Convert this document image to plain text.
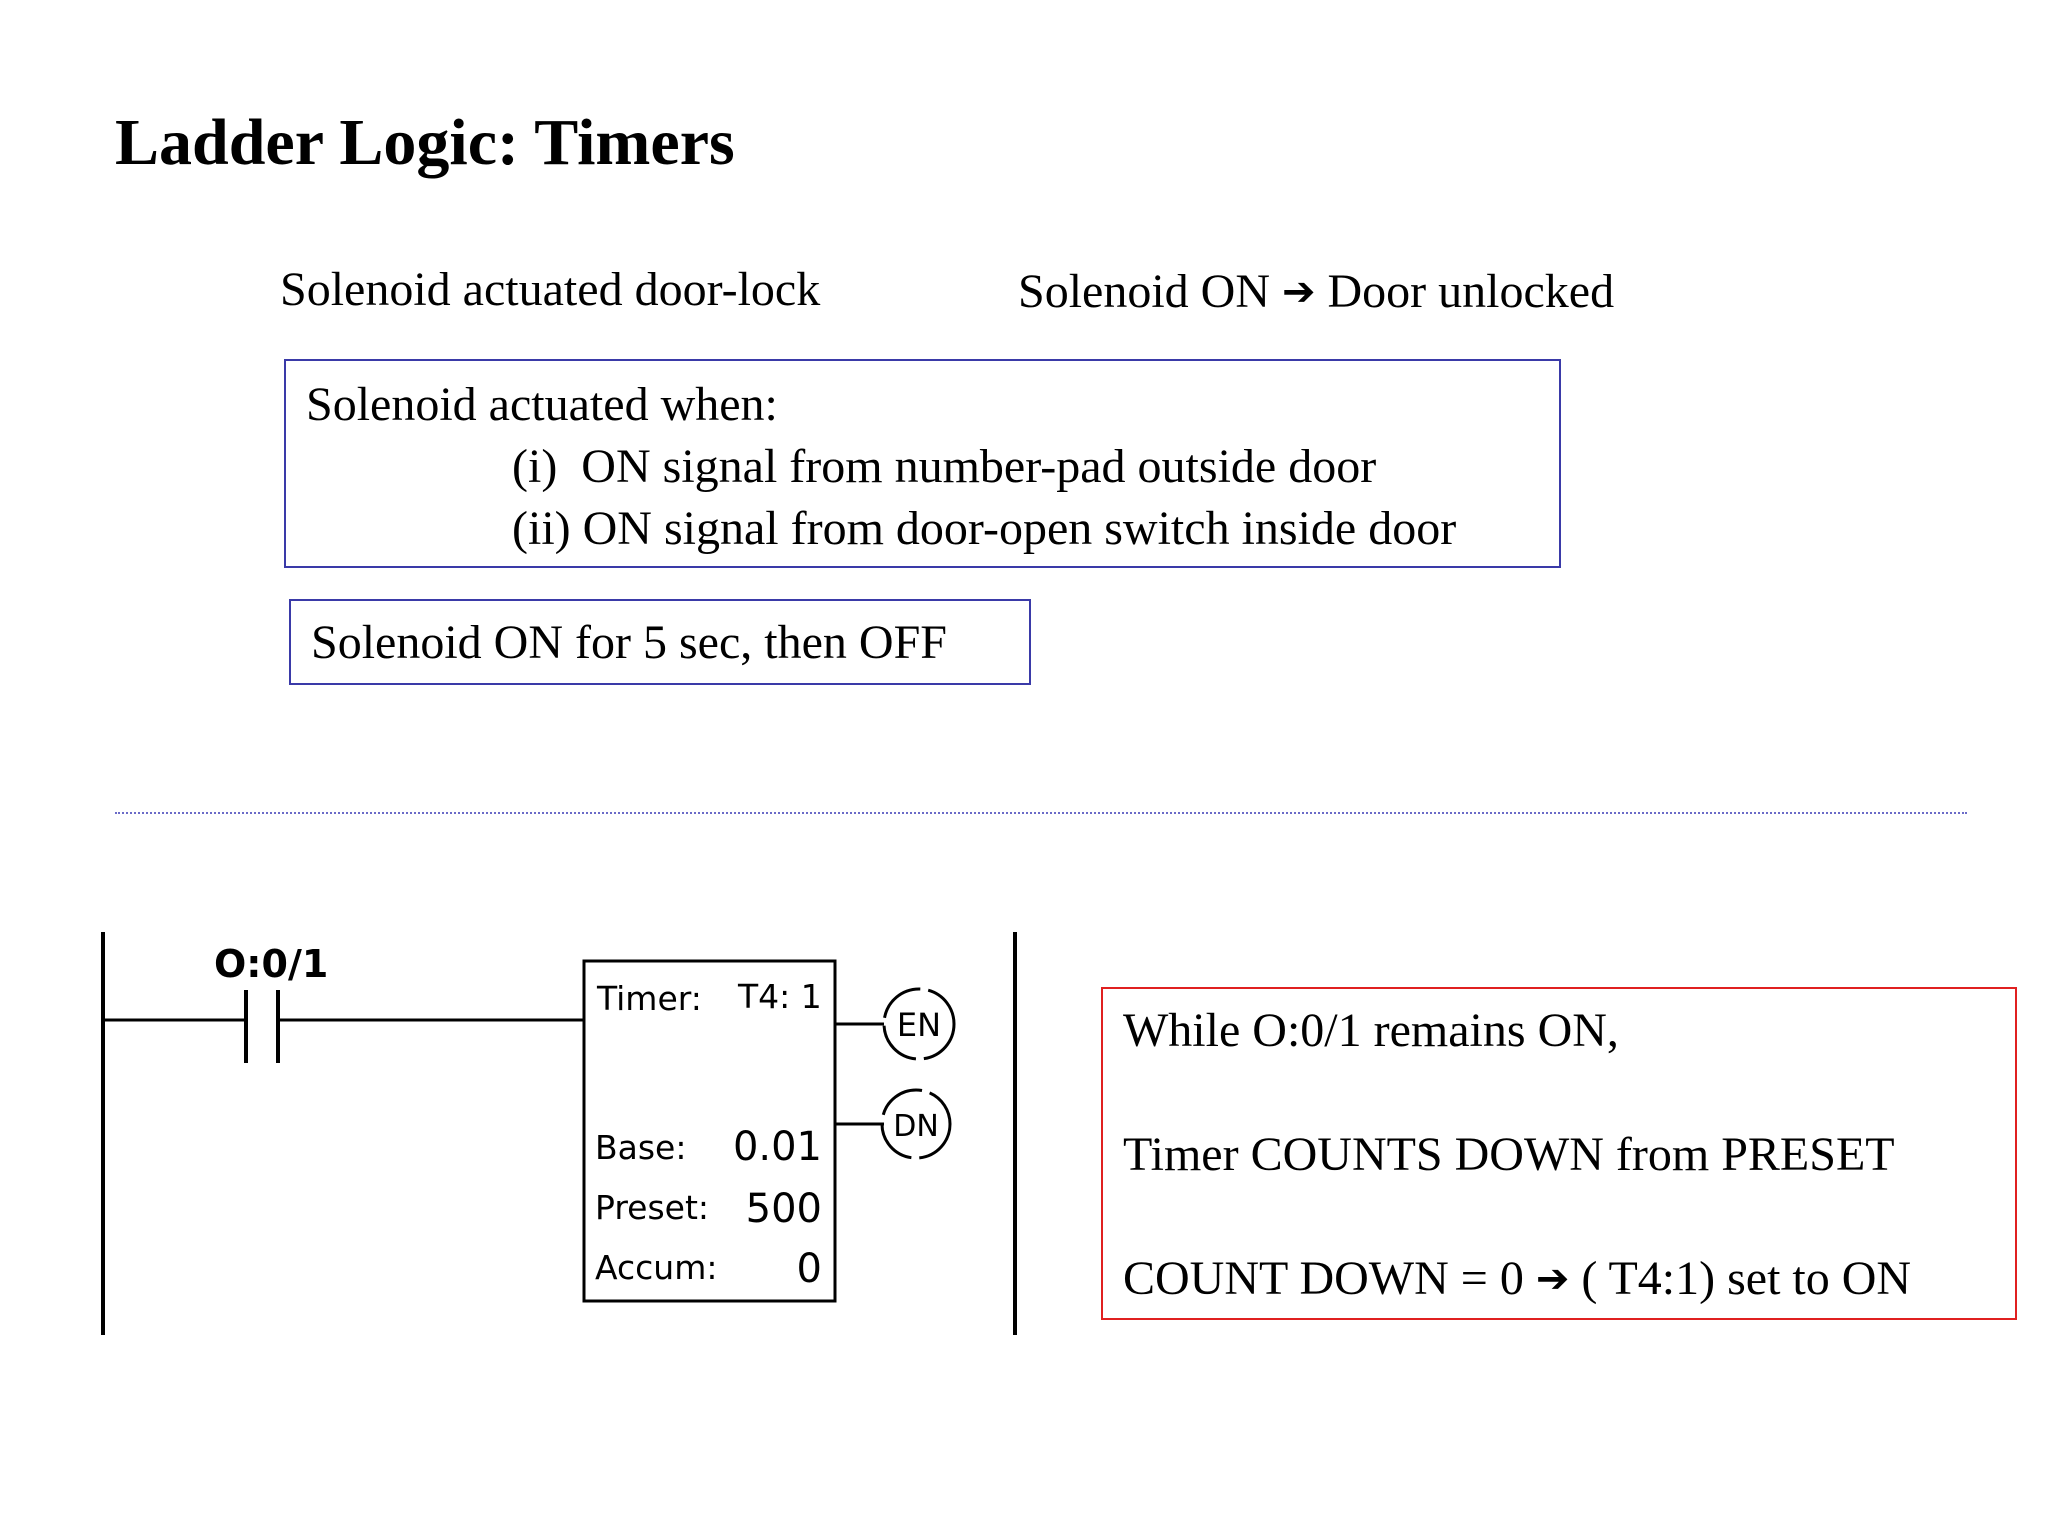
Ladder Logic: Timers
Solenoid actuated door-lock	Solenoid ON ➔ Door unlocked
Solenoid actuated when:
(i)  ON signal from number-pad outside door
(ii) ON signal from door-open switch inside door
Solenoid ON for 5 sec, then OFF
O:0/1
Timer: T4: 1
Base: 0.01
Preset: 500
Accum: 0
EN
DN
While O:0/1 remains ON,
Timer COUNTS DOWN from PRESET
COUNT DOWN = 0 ➔ ( T4:1) set to ON
